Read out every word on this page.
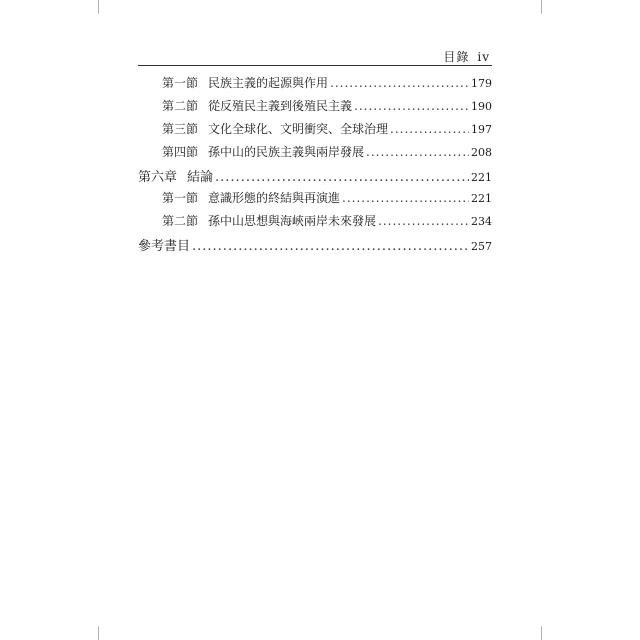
目錄 iv
第一節 民族主義的起源與作用 .....	179
第二節 從反殖民主義到後殖民主義 .....	190
第三節 文化全球化、文明衝突、全球治理 .....	197
第四節 孫中山的民族主義與兩岸發展 .....	208
第六章 結論 .....	221
第一節 意識形態的終結與再演進 .....	221
第二節 孫中山思想與海峽兩岸未來發展 .....	234
參考書目 .....	257
